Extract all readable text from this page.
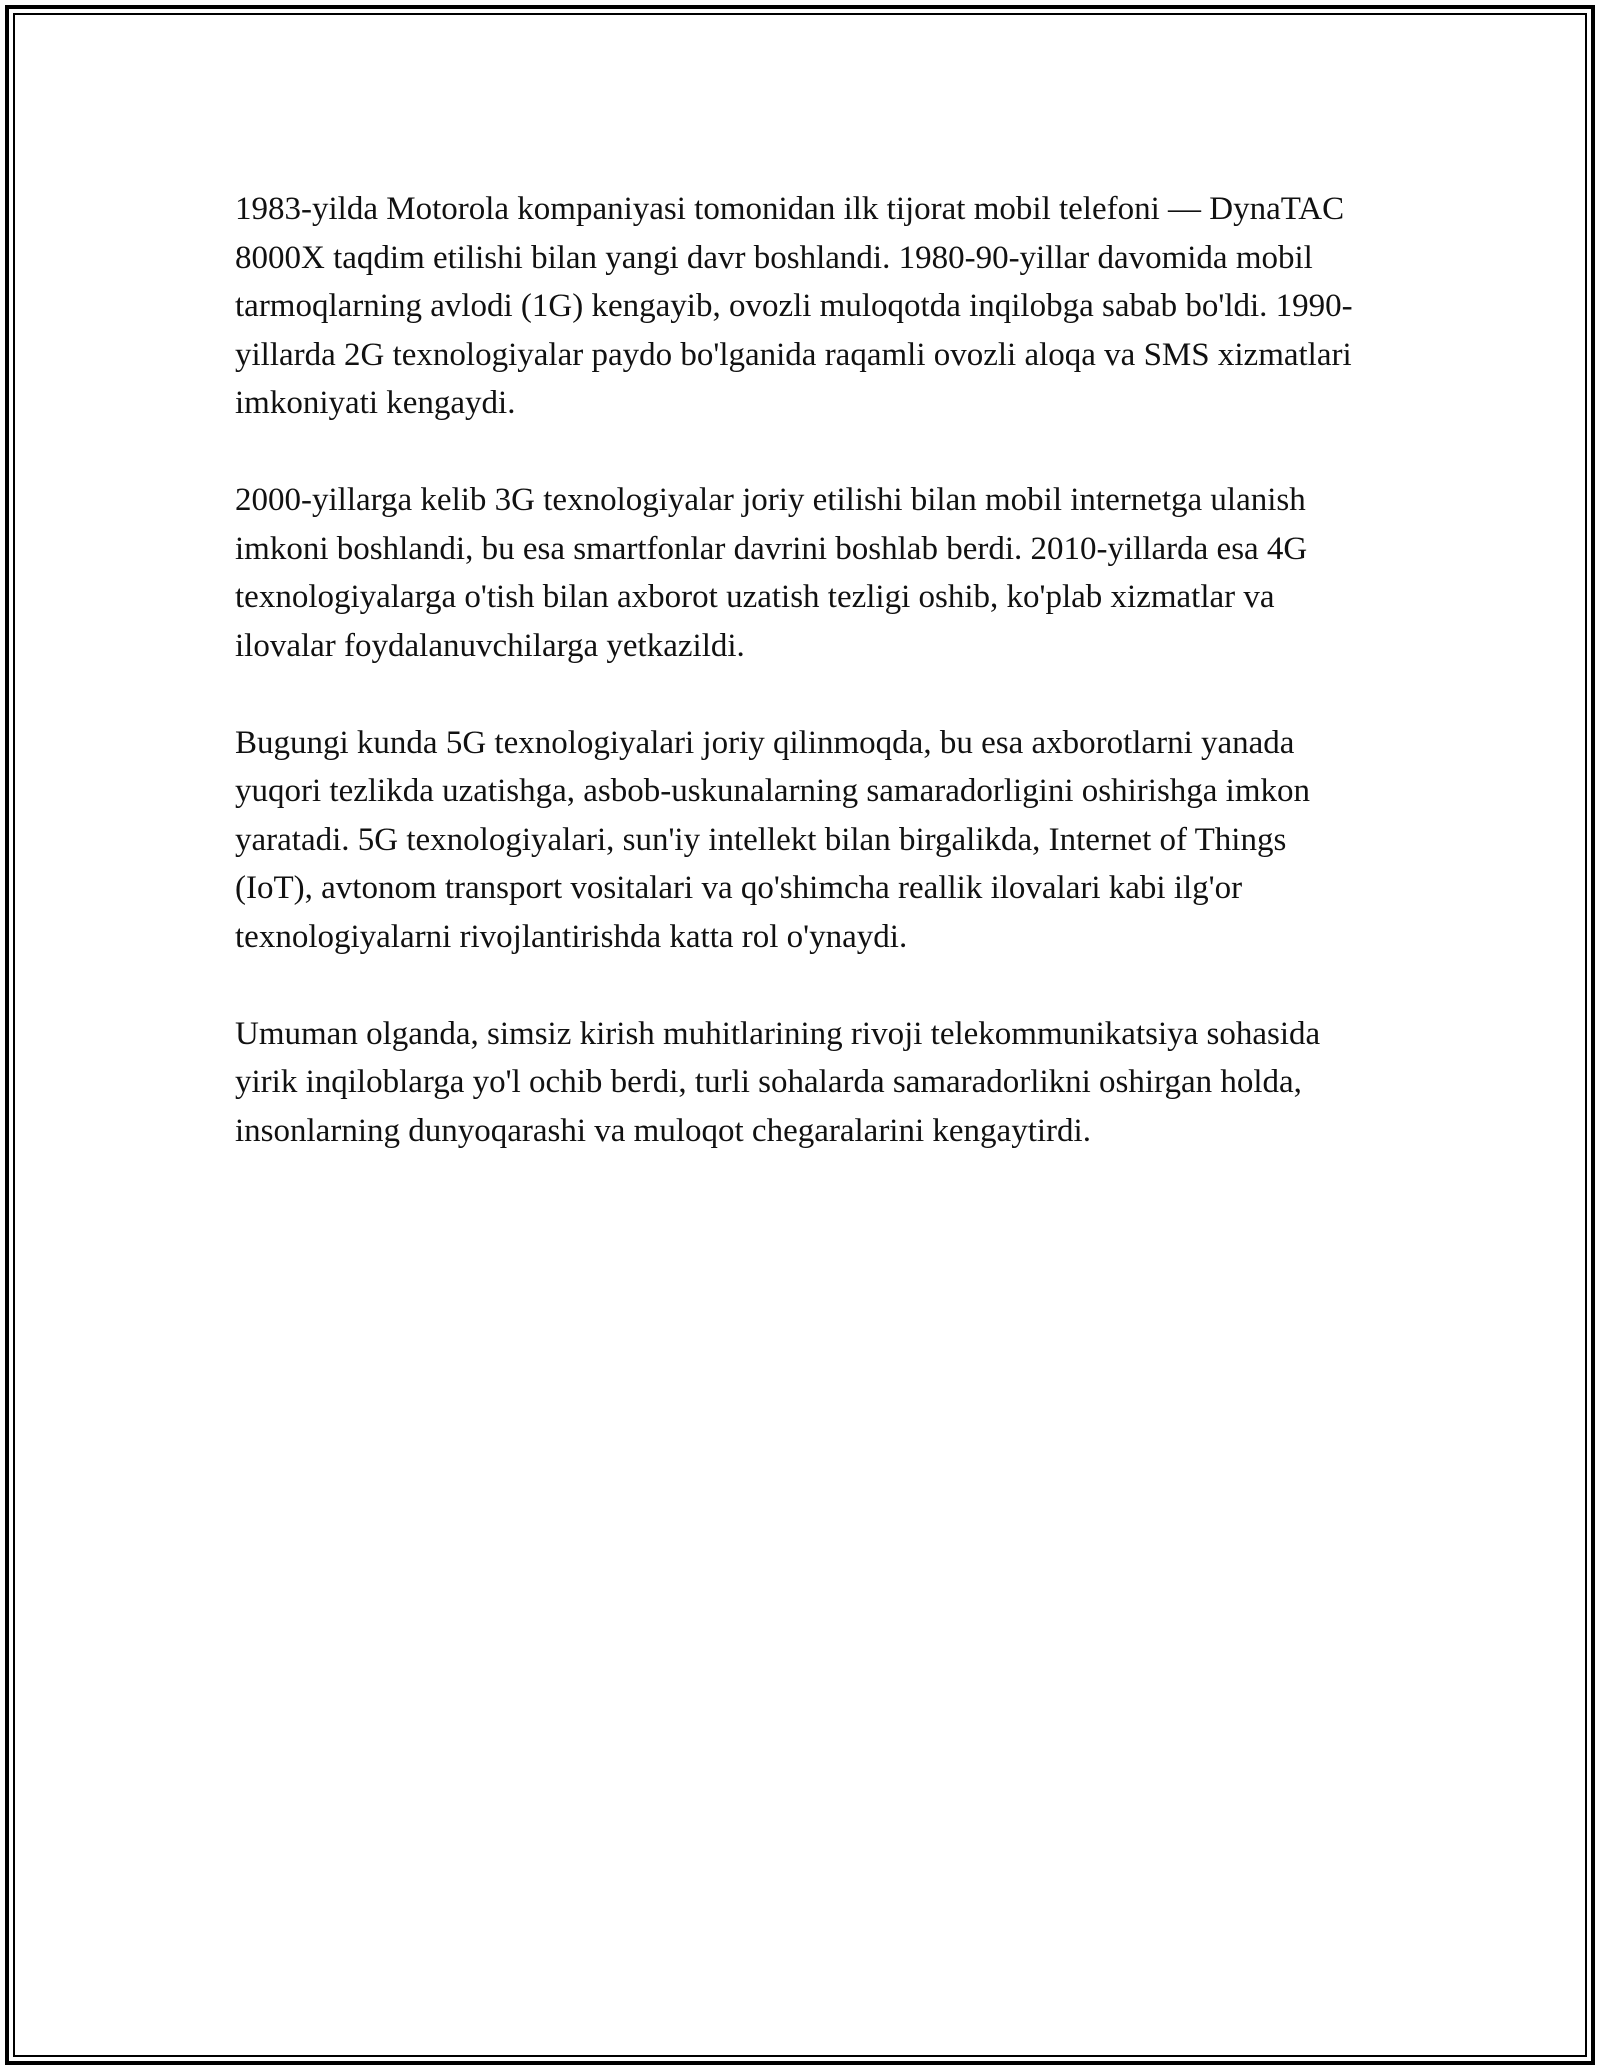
1983-yilda Motorola kompaniyasi tomonidan ilk tijorat mobil telefoni — DynaTAC 8000X taqdim etilishi bilan yangi davr boshlandi. 1980-90-yillar davomida mobil tarmoqlarning avlodi (1G) kengayib, ovozli muloqotda inqilobga sabab bo'ldi. 1990-yillarda 2G texnologiyalar paydo bo'lganida raqamli ovozli aloqa va SMS xizmatlari imkoniyati kengaydi.

2000-yillarga kelib 3G texnologiyalar joriy etilishi bilan mobil internetga ulanish imkoni boshlandi, bu esa smartfonlar davrini boshlab berdi. 2010-yillarda esa 4G texnologiyalarga o'tish bilan axborot uzatish tezligi oshib, ko'plab xizmatlar va ilovalar foydalanuvchilarga yetkazildi.

Bugungi kunda 5G texnologiyalari joriy qilinmoqda, bu esa axborotlarni yanada yuqori tezlikda uzatishga, asbob-uskunalarning samaradorligini oshirishga imkon yaratadi. 5G texnologiyalari, sun'iy intellekt bilan birgalikda, Internet of Things (IoT), avtonom transport vositalari va qo'shimcha reallik ilovalari kabi ilg'or texnologiyalarni rivojlantirishda katta rol o'ynaydi.

Umuman olganda, simsiz kirish muhitlarining rivoji telekommunikatsiya sohasida yirik inqiloblarga yo'l ochib berdi, turli sohalarda samaradorlikni oshirgan holda, insonlarning dunyoqarashi va muloqot chegaralarini kengaytirdi.
